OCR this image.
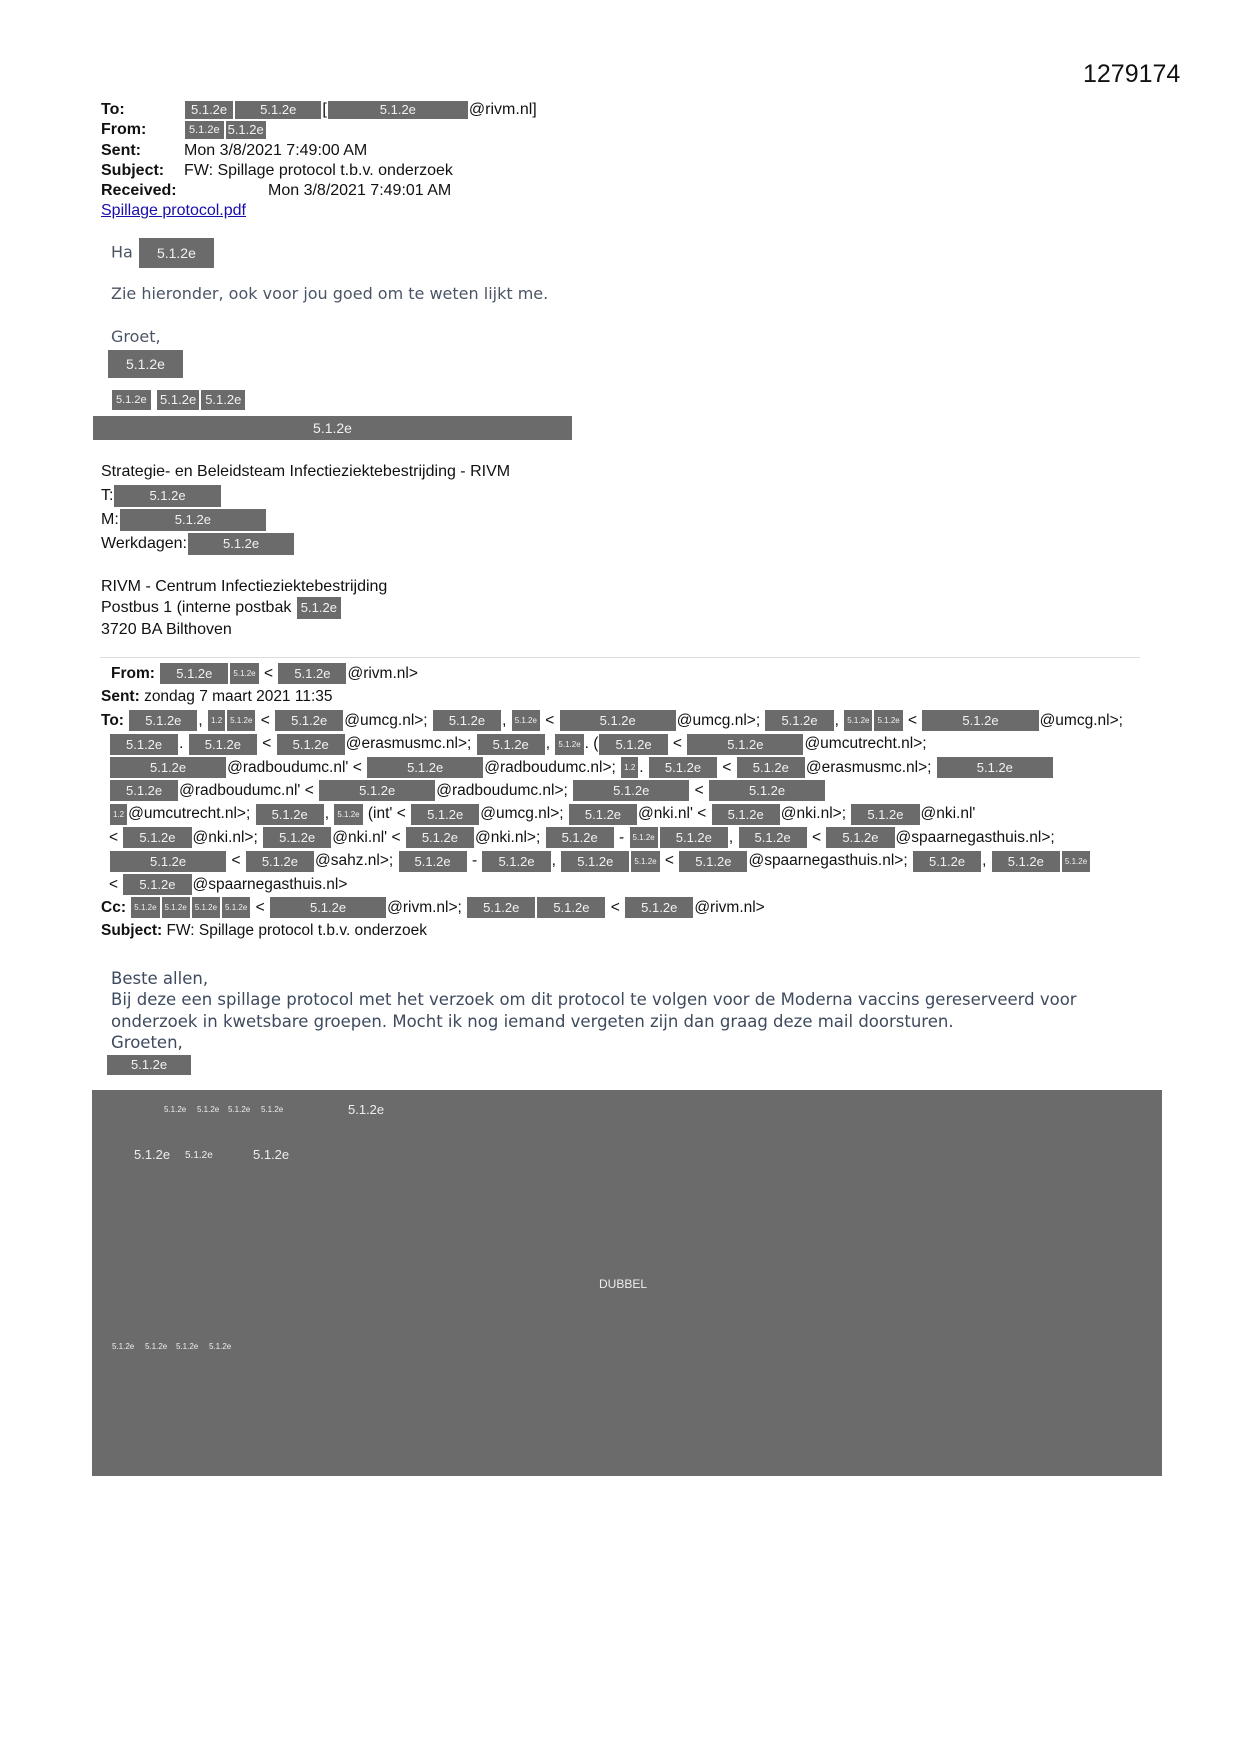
1279174
To:	5.1.2e	5.1.2e [	5.1.2e	@rivm.nl]
From:	5.1.2e 5.1.2e
Sent:	Mon 3/8/2021 7:49:00 AM
Subject: FW: Spillage protocol t.b.v. onderzoek
Received:	Mon 3/8/2021 7:49:01 AM
Spillage protocol.pdf
Ha 5.1.2e
Zie hieronder, ook voor jou goed om te weten lijkt me.
Groet,
5.1.2e
5.1.2e 5.1.2e 5.1.2e
5.1.2e
Strategie- en Beleidsteam Infectieziektebestrijding - RIVM
T:	5.1.2e
M:	5.1.2e
Werkdagen:	5.1.2e
RIVM - Centrum Infectieziektebestrijding
Postbus 1 (interne postbak 5.1.2e
3720 BA Bilthoven
From: 5.1.2e	5.1.2e < 5.1.2e @rivm.nl>
Sent: zondag 7 maart 2021 11:35
To: 5.1.2e , 1.2 5.1.2e < 5.1.2e @umcg.nl>; 5.1.2e , 5.1.2e <	5.1.2e	@umcg.nl>; 5.1.2e , 5.1.2e 5.1.2e <	5.1.2e	@umcg.nl>;
5.1.2e . 5.1.2e < 5.1.2e @erasmusmc.nl>; 5.1.2e , 5.1.2e . ( 5.1.2e <	5.1.2e	@umcutrecht.nl>;
5.1.2e	@radboudumc.nl' <	5.1.2e	@radboudumc.nl>; 1.2 . 5.1.2e < 5.1.2e @erasmusmc.nl>;	5.1.2e
5.1.2e @radboudumc.nl' <	5.1.2e	@radboudumc.nl>;	5.1.2e	<	5.1.2e
1.2 @umcutrecht.nl>; 5.1.2e , 5.1.2e (int' < 5.1.2e @umcg.nl>; 5.1.2e @nki.nl' < 5.1.2e @nki.nl>; 5.1.2e @nki.nl'
< 5.1.2e @nki.nl>; 5.1.2e @nki.nl' < 5.1.2e @nki.nl>; 5.1.2e - 5.1.2e 5.1.2e , 5.1.2e < 5.1.2e @spaarnegasthuis.nl>;
5.1.2e	< 5.1.2e @sahz.nl>; 5.1.2e - 5.1.2e , 5.1.2e	5.1.2e < 5.1.2e @spaarnegasthuis.nl>; 5.1.2e , 5.1.2e	5.1.2e
< 5.1.2e @spaarnegasthuis.nl>
Cc: 5.1.2e 5.1.2e 5.1.2e 5.1.2e <	5.1.2e	@rivm.nl>; 5.1.2e	5.1.2e < 5.1.2e @rivm.nl>
Subject: FW: Spillage protocol t.b.v. onderzoek
Beste allen,
Bij deze een spillage protocol met het verzoek om dit protocol te volgen voor de Moderna vaccins gereserveerd voor onderzoek in kwetsbare groepen. Mocht ik nog iemand vergeten zijn dan graag deze mail doorsturen.
Groeten,
5.1.2e
5.1.2e 5.1.2e 5.1.2e 5.1.2e	5.1.2e
5.1.2e 5.1.2e	5.1.2e
DUBBEL
5.1.2e 5.1.2e 5.1.2e 5.1.2e
